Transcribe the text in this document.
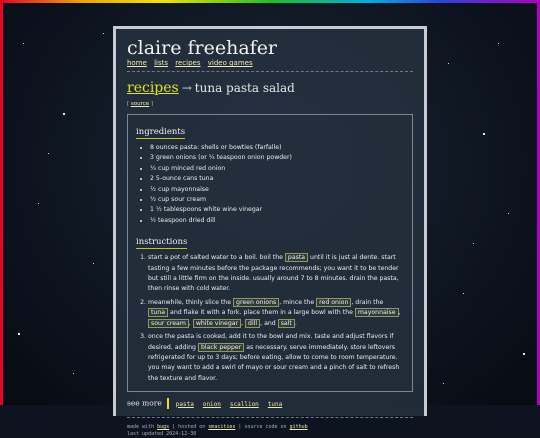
claire freehafer
home lists recipes video games
recipes → tuna pasta salad
[ source ]
ingredients
• 8 ounces pasta: shells or bowties (farfalle)
• 3 green onions (or ¼ teaspoon onion powder)
• ¼ cup minced red onion
• 2 5-ounce cans tuna
• ½ cup mayonnaise
• ½ cup sour cream
• 1 ½ tablespoons white wine vinegar
• ½ teaspoon dried dill
instructions
1. start a pot of salted water to a boil. boil the pasta until it is just al dente. start tasting a few minutes before the package recommends; you want it to be tender but still a little firm on the inside. usually around 7 to 8 minutes. drain the pasta, then rinse with cold water.
2. meanwhile, thinly slice the green onions , mince the red onion , drain the tuna and flake it with a fork. place them in a large bowl with the mayonnaise , sour cream , white vinegar , dill , and salt .
3. once the pasta is cooked, add it to the bowl and mix. taste and adjust flavors if desired, adding black pepper as necessary. serve immediately. store leftovers refrigerated for up to 3 days; before eating, allow to come to room temperature. you may want to add a swirl of mayo or sour cream and a pinch of salt to refresh the texture and flavor.
see more pasta onion scallion tuna
made with bugs | hosted on smacities | source code on github
last updated 2024-12-30
